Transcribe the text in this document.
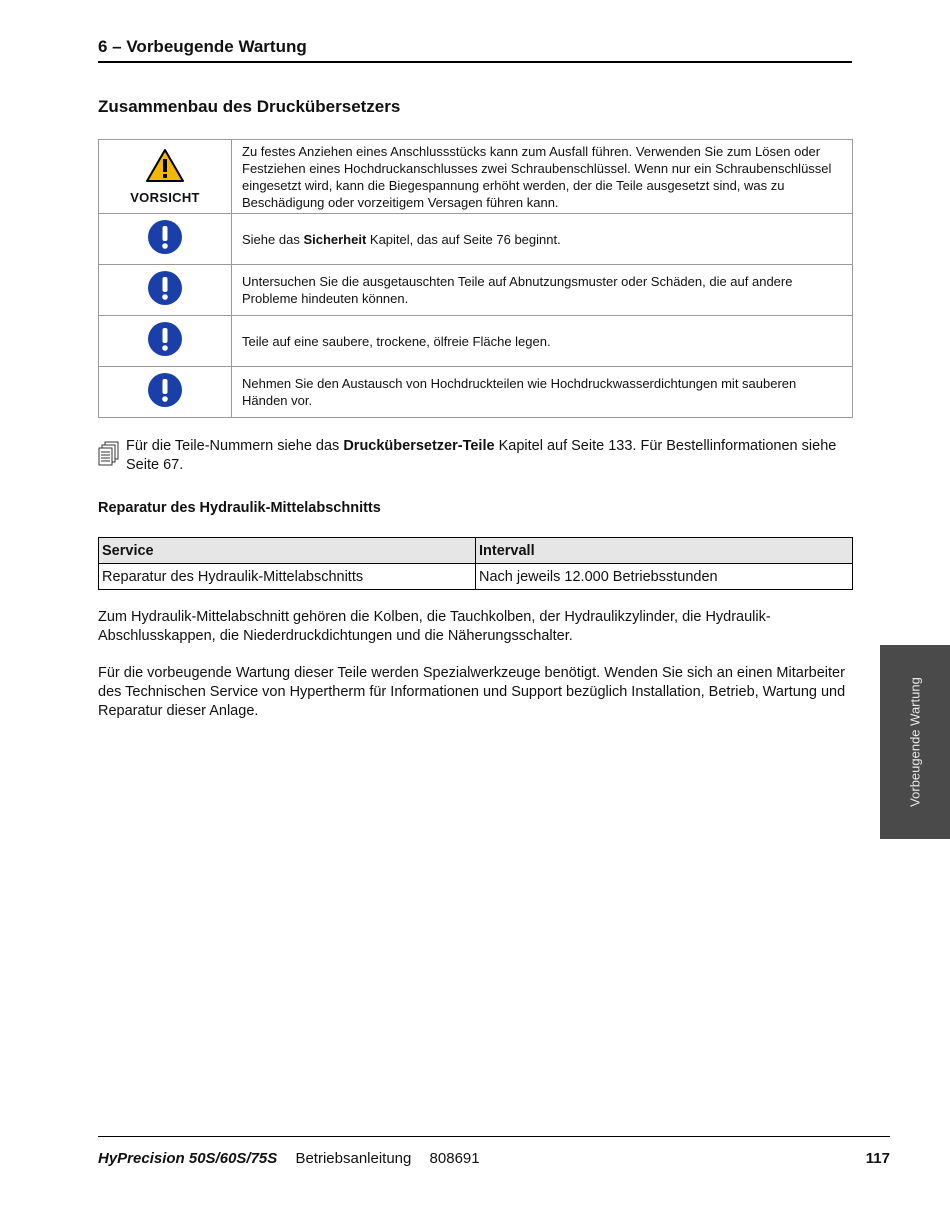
6 – Vorbeugende Wartung
Zusammenbau des Druckübersetzers
VORSICHT	Zu festes Anziehen eines Anschlussstücks kann zum Ausfall führen. Verwenden Sie zum Lösen oder Festziehen eines Hochdruckanschlusses zwei Schraubenschlüssel. Wenn nur ein Schraubenschlüssel eingesetzt wird, kann die Biegespannung erhöht werden, der die Teile ausgesetzt sind, was zu Beschädigung oder vorzeitigem Versagen führen kann.
	Siehe das Sicherheit Kapitel, das auf Seite 76 beginnt.
	Untersuchen Sie die ausgetauschten Teile auf Abnutzungsmuster oder Schäden, die auf andere Probleme hindeuten können.
	Teile auf eine saubere, trockene, ölfreie Fläche legen.
	Nehmen Sie den Austausch von Hochdruckteilen wie Hochdruckwasserdichtungen mit sauberen Händen vor.
Für die Teile-Nummern siehe das Druckübersetzer-Teile Kapitel auf Seite 133. Für Bestellinformationen siehe Seite 67.
Reparatur des Hydraulik-Mittelabschnitts
Service	Intervall
Reparatur des Hydraulik-Mittelabschnitts	Nach jeweils 12.000 Betriebsstunden

Zum Hydraulik-Mittelabschnitt gehören die Kolben, die Tauchkolben, der Hydraulikzylinder, die Hydraulik-Abschlusskappen, die Niederdruckdichtungen und die Näherungsschalter.

Für die vorbeugende Wartung dieser Teile werden Spezialwerkzeuge benötigt. Wenden Sie sich an einen Mitarbeiter des Technischen Service von Hypertherm für Informationen und Support bezüglich Installation, Betrieb, Wartung und Reparatur dieser Anlage.	Vorbeugende Wartung
HyPrecision 50S/60S/75S Betriebsanleitung 808691	117
